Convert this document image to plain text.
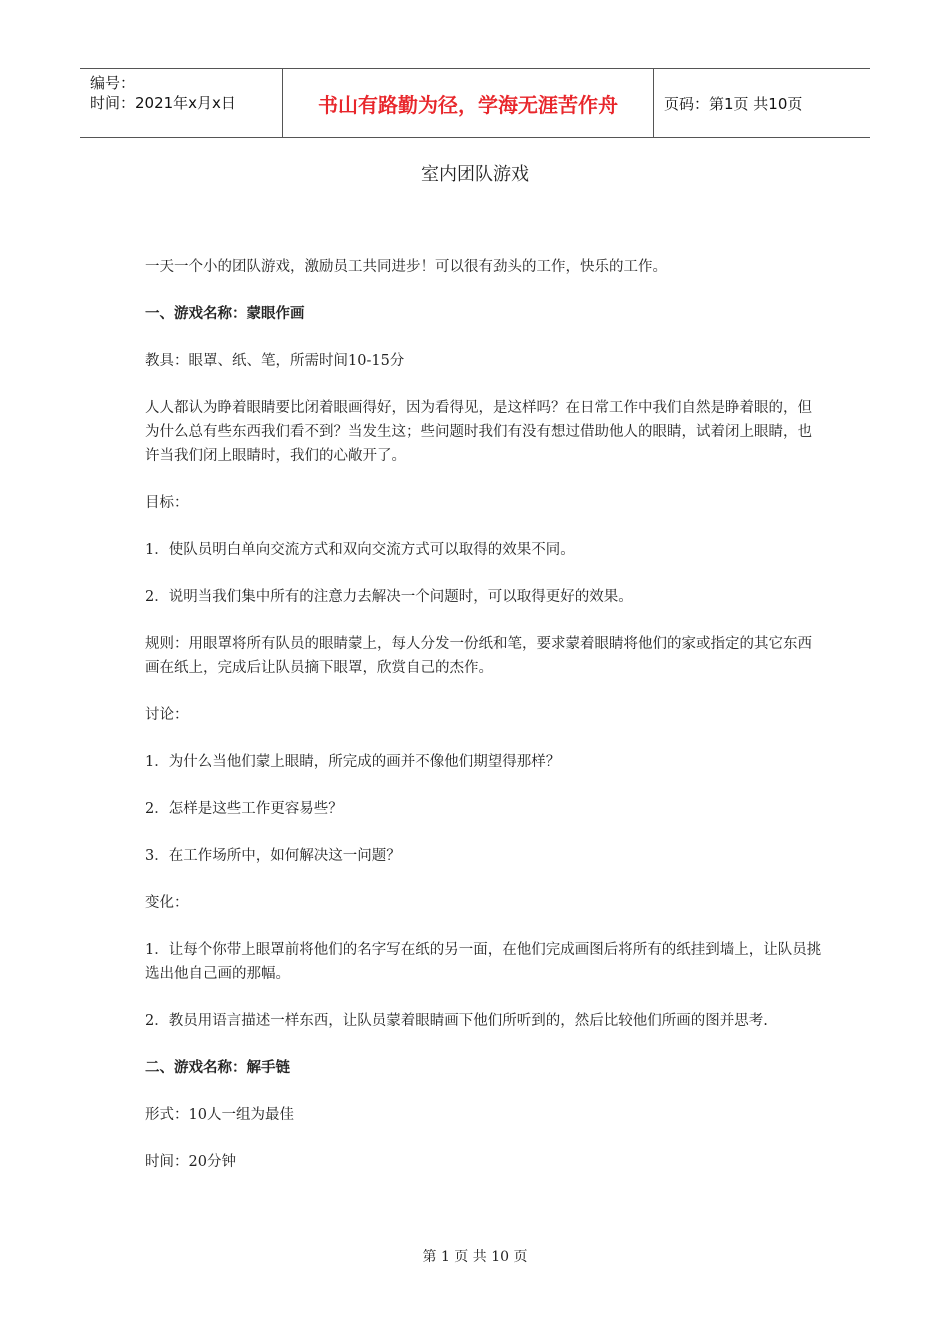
编号：
时间：2021年x月x日	书山有路勤为径，学海无涯苦作舟	页码：第1页 共10页
室内团队游戏

一天一个小的团队游戏，激励员工共同进步！可以很有劲头的工作，快乐的工作。

一、游戏名称：蒙眼作画

教具：眼罩、纸、笔，所需时间10-15分

人人都认为睁着眼睛要比闭着眼画得好，因为看得见，是这样吗？在日常工作中我们自然是睁着眼的，但为什么总有些东西我们看不到？当发生这；些问题时我们有没有想过借助他人的眼睛，试着闭上眼睛，也许当我们闭上眼睛时，我们的心敞开了。

目标：

1．使队员明白单向交流方式和双向交流方式可以取得的效果不同。

2．说明当我们集中所有的注意力去解决一个问题时，可以取得更好的效果。

规则：用眼罩将所有队员的眼睛蒙上，每人分发一份纸和笔，要求蒙着眼睛将他们的家或指定的其它东西画在纸上，完成后让队员摘下眼罩，欣赏自己的杰作。

讨论：

1．为什么当他们蒙上眼睛，所完成的画并不像他们期望得那样？

2．怎样是这些工作更容易些？

3．在工作场所中，如何解决这一问题？

变化：

1．让每个你带上眼罩前将他们的名字写在纸的另一面，在他们完成画图后将所有的纸挂到墙上，让队员挑选出他自己画的那幅。

2．教员用语言描述一样东西，让队员蒙着眼睛画下他们所听到的，然后比较他们所画的图并思考.

二、游戏名称：解手链

形式：10人一组为最佳

时间：20分钟

第 1 页 共 10 页
